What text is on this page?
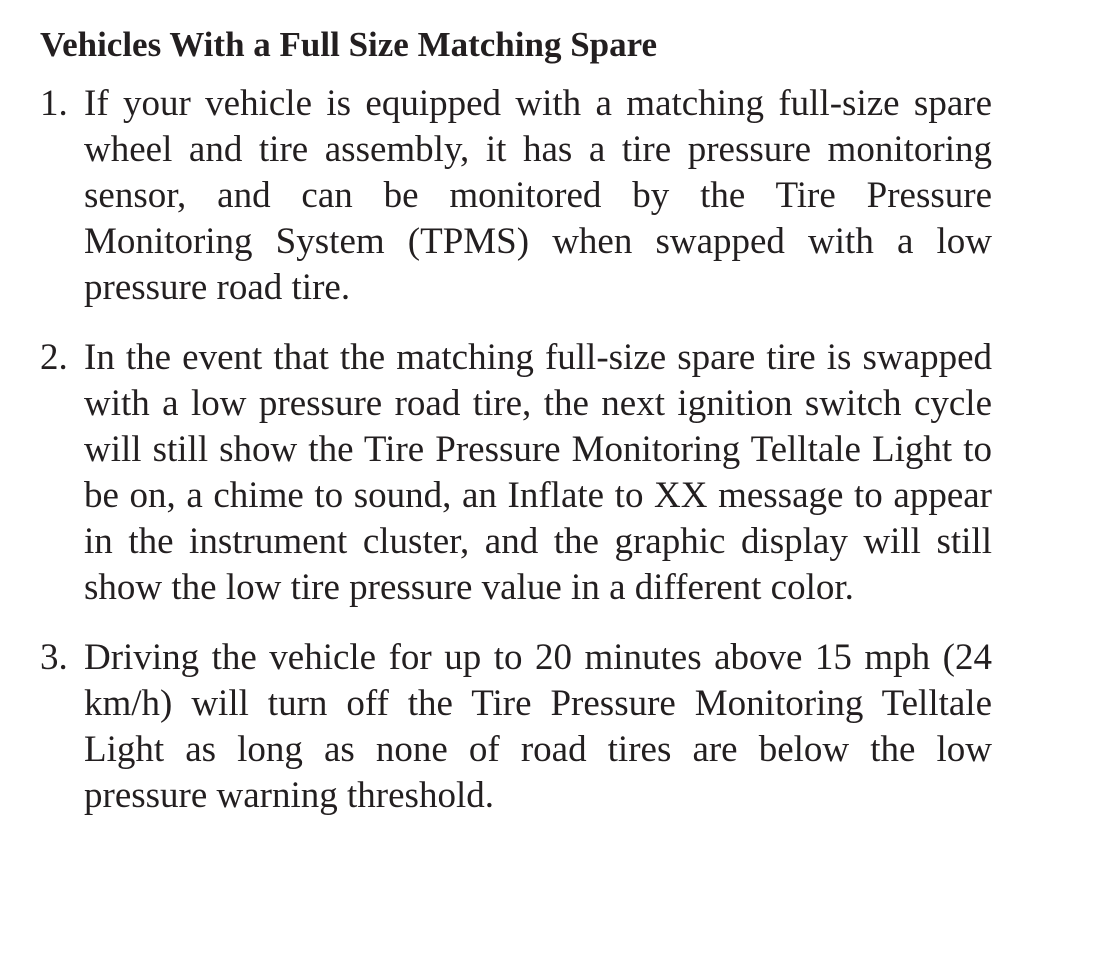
Vehicles With a Full Size Matching Spare
1. If your vehicle is equipped with a matching full-size spare wheel and tire assembly, it has a tire pressure monitoring sensor, and can be monitored by the Tire Pressure Monitoring System (TPMS) when swapped with a low pressure road tire.
2. In the event that the matching full-size spare tire is swapped with a low pressure road tire, the next ignition switch cycle will still show the Tire Pressure Monitoring Telltale Light to be on, a chime to sound, an Inflate to XX message to appear in the instrument cluster, and the graphic display will still show the low tire pressure value in a different color.
3. Driving the vehicle for up to 20 minutes above 15 mph (24 km/h) will turn off the Tire Pressure Monitoring Telltale Light as long as none of road tires are below the low pressure warning threshold.
